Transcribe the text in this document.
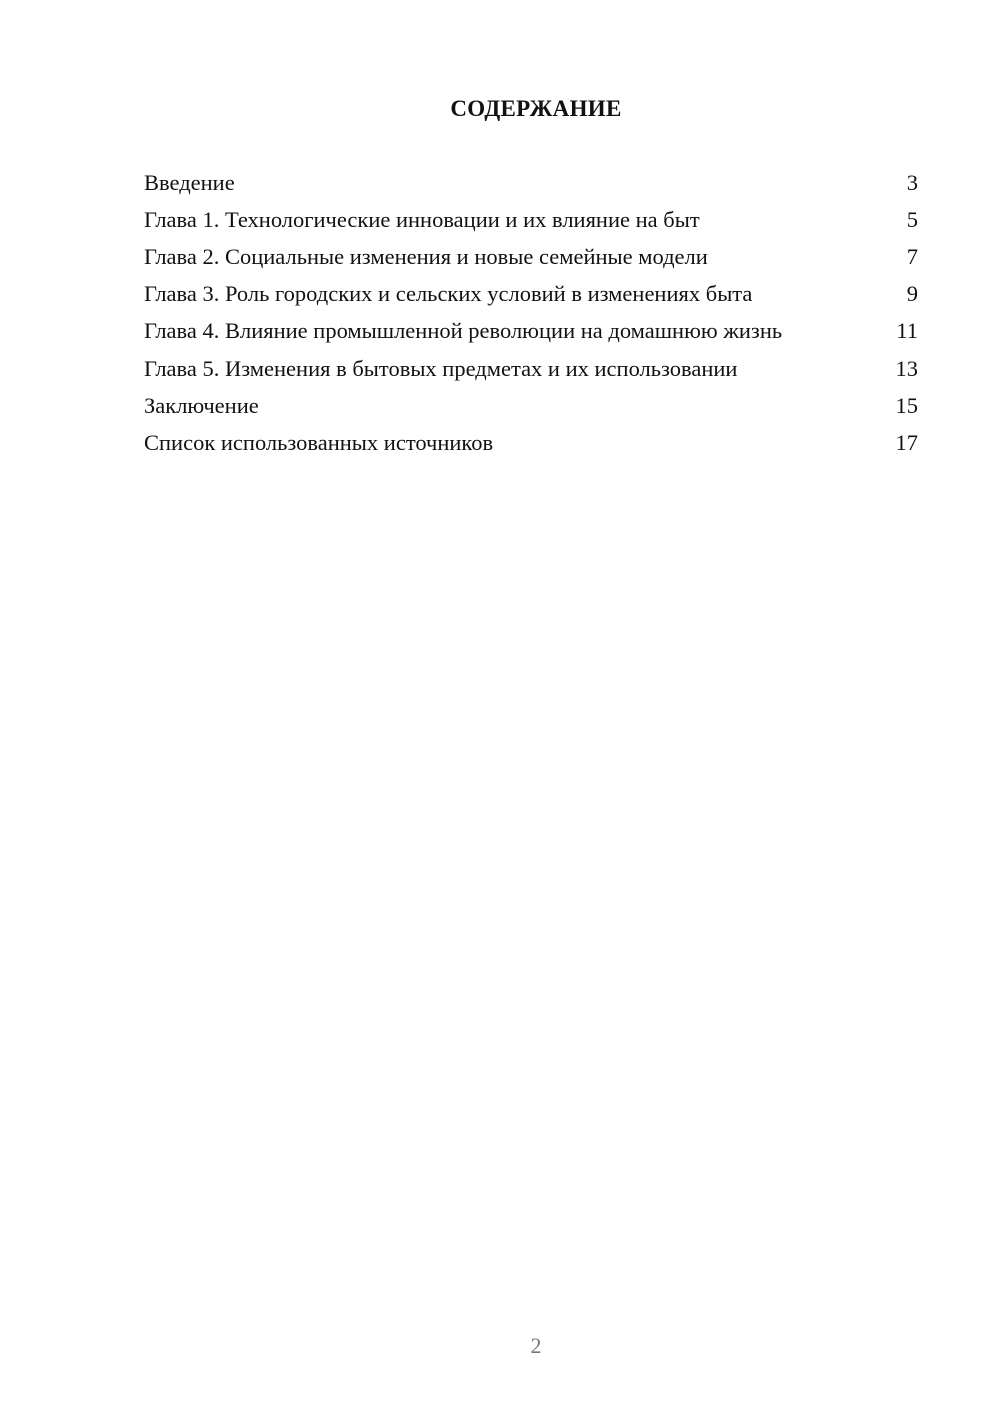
СОДЕРЖАНИЕ
Введение	3
Глава 1. Технологические инновации и их влияние на быт	5
Глава 2. Социальные изменения и новые семейные модели	7
Глава 3. Роль городских и сельских условий в изменениях быта	9
Глава 4. Влияние промышленной революции на домашнюю жизнь	11
Глава 5. Изменения в бытовых предметах и их использовании	13
Заключение	15
Список использованных источников	17
2
